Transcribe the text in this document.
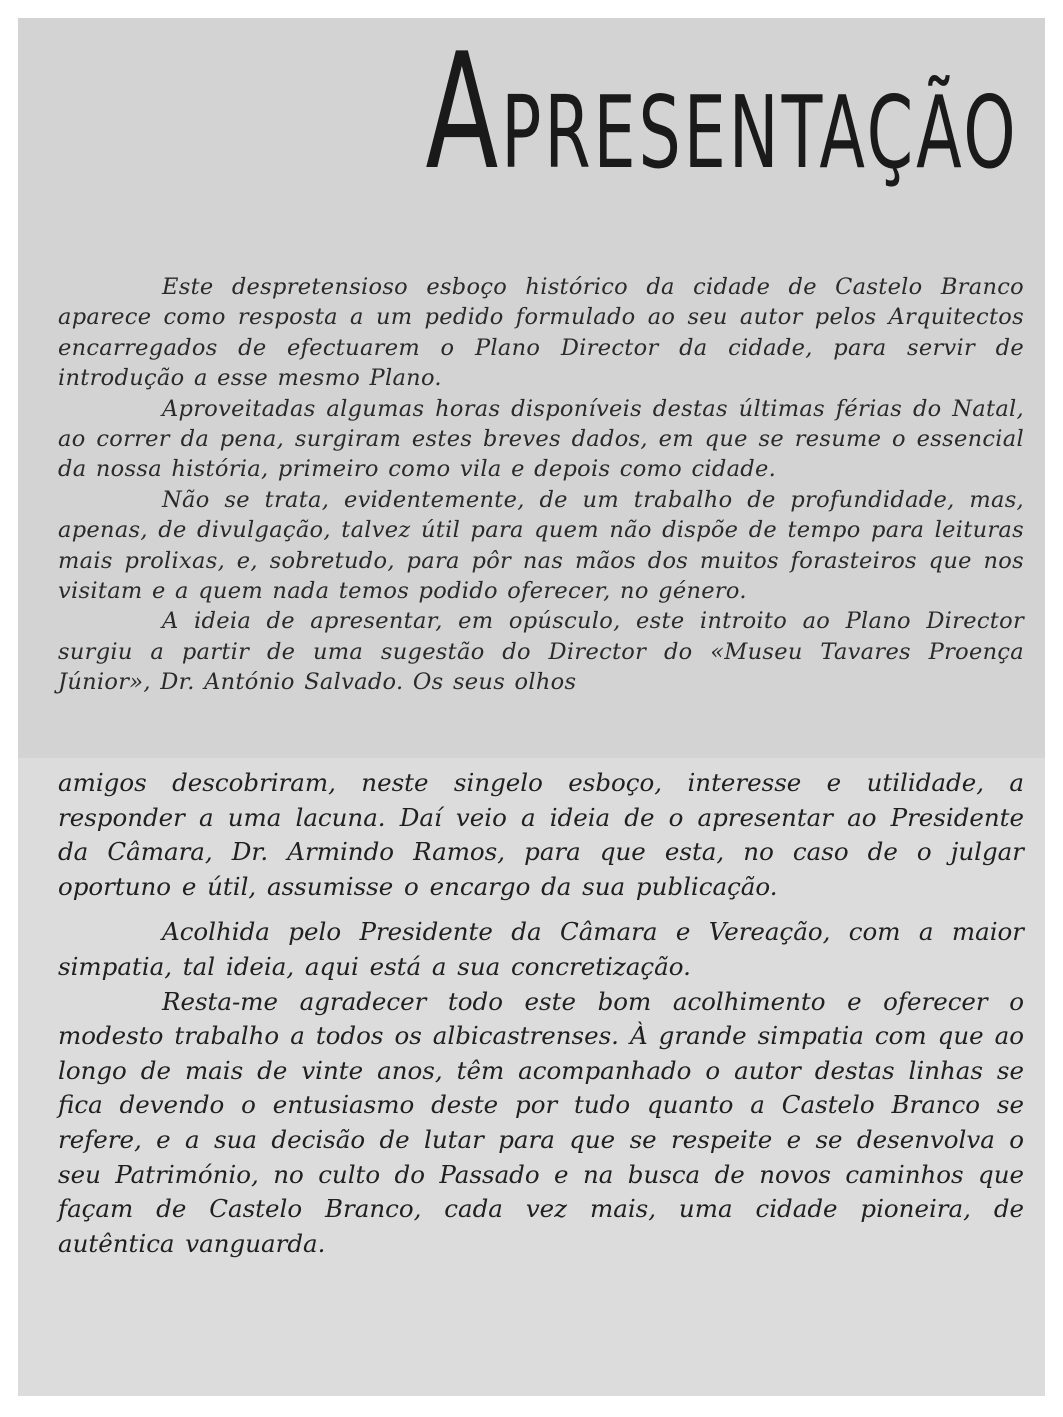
APRESENTAÇÃO

Este despretensioso esboço histórico da cidade de Castelo Branco aparece como resposta a um pedido formulado ao seu autor pelos Arquitectos encarregados de efectuarem o Plano Director da cidade, para servir de introdução a esse mesmo Plano.

Aproveitadas algumas horas disponíveis destas últimas férias do Natal, ao correr da pena, surgiram estes breves dados, em que se resume o essencial da nossa história, primeiro como vila e depois como cidade.

Não se trata, evidentemente, de um trabalho de profundidade, mas, apenas, de divulgação, talvez útil para quem não dispõe de tempo para leituras mais prolixas, e, sobretudo, para pôr nas mãos dos muitos forasteiros que nos visitam e a quem nada temos podido oferecer, no género.

A ideia de apresentar, em opúsculo, este introito ao Plano Director surgiu a partir de uma sugestão do Director do «Museu Tavares Proença Júnior», Dr. António Salvado. Os seus olhos

amigos descobriram, neste singelo esboço, interesse e utilidade, a responder a uma lacuna. Daí veio a ideia de o apresentar ao Presidente da Câmara, Dr. Armindo Ramos, para que esta, no caso de o julgar oportuno e útil, assumisse o encargo da sua publicação.

Acolhida pelo Presidente da Câmara e Vereação, com a maior simpatia, tal ideia, aqui está a sua concretização.

Resta-me agradecer todo este bom acolhimento e oferecer o modesto trabalho a todos os albicastrenses. À grande simpatia com que ao longo de mais de vinte anos, têm acompanhado o autor destas linhas se fica devendo o entusiasmo deste por tudo quanto a Castelo Branco se refere, e a sua decisão de lutar para que se respeite e se desenvolva o seu Património, no culto do Passado e na busca de novos caminhos que façam de Castelo Branco, cada vez mais, uma cidade pioneira, de autêntica vanguarda.
